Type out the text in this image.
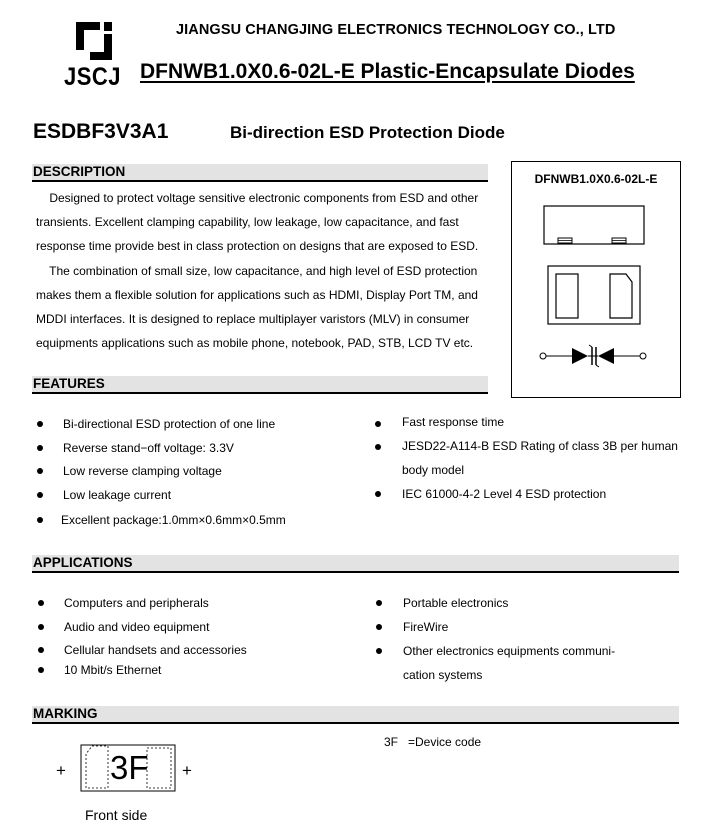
JSCJ
JIANGSU CHANGJING ELECTRONICS TECHNOLOGY CO., LTD
DFNWB1.0X0.6-02L-E Plastic-Encapsulate Diodes
ESDBF3V3A1	Bi-direction ESD Protection Diode
DESCRIPTION

Designed to protect voltage sensitive electronic components from ESD and other

transients. Excellent clamping capability, low leakage, low capacitance, and fast

response time provide best in class protection on designs that are exposed to ESD.

The combination of small size, low capacitance, and high level of ESD protection

makes them a flexible solution for applications such as HDMI, Display Port TM, and

MDDI interfaces. It is designed to replace multiplayer varistors (MLV) in consumer

equipments applications such as mobile phone, notebook, PAD, STB, LCD TV etc.

DFNWB1.0X0.6-02L-E
FEATURES
Bi-directional ESD protection of one line
Reverse stand−off voltage: 3.3V
Low reverse clamping voltage
Low leakage current
Excellent package:1.0mm×0.6mm×0.5mm
Fast response time
JESD22-A114-B ESD Rating of class 3B per human
body model
IEC 61000-4-2 Level 4 ESD protection
APPLICATIONS
Computers and peripherals
Audio and video equipment
Cellular handsets and accessories
10 Mbit/s Ethernet
Portable electronics
FireWire
Other electronics equipments communi-
cation systems
MARKING
+ 3F +
3F   =Device code
Front side
